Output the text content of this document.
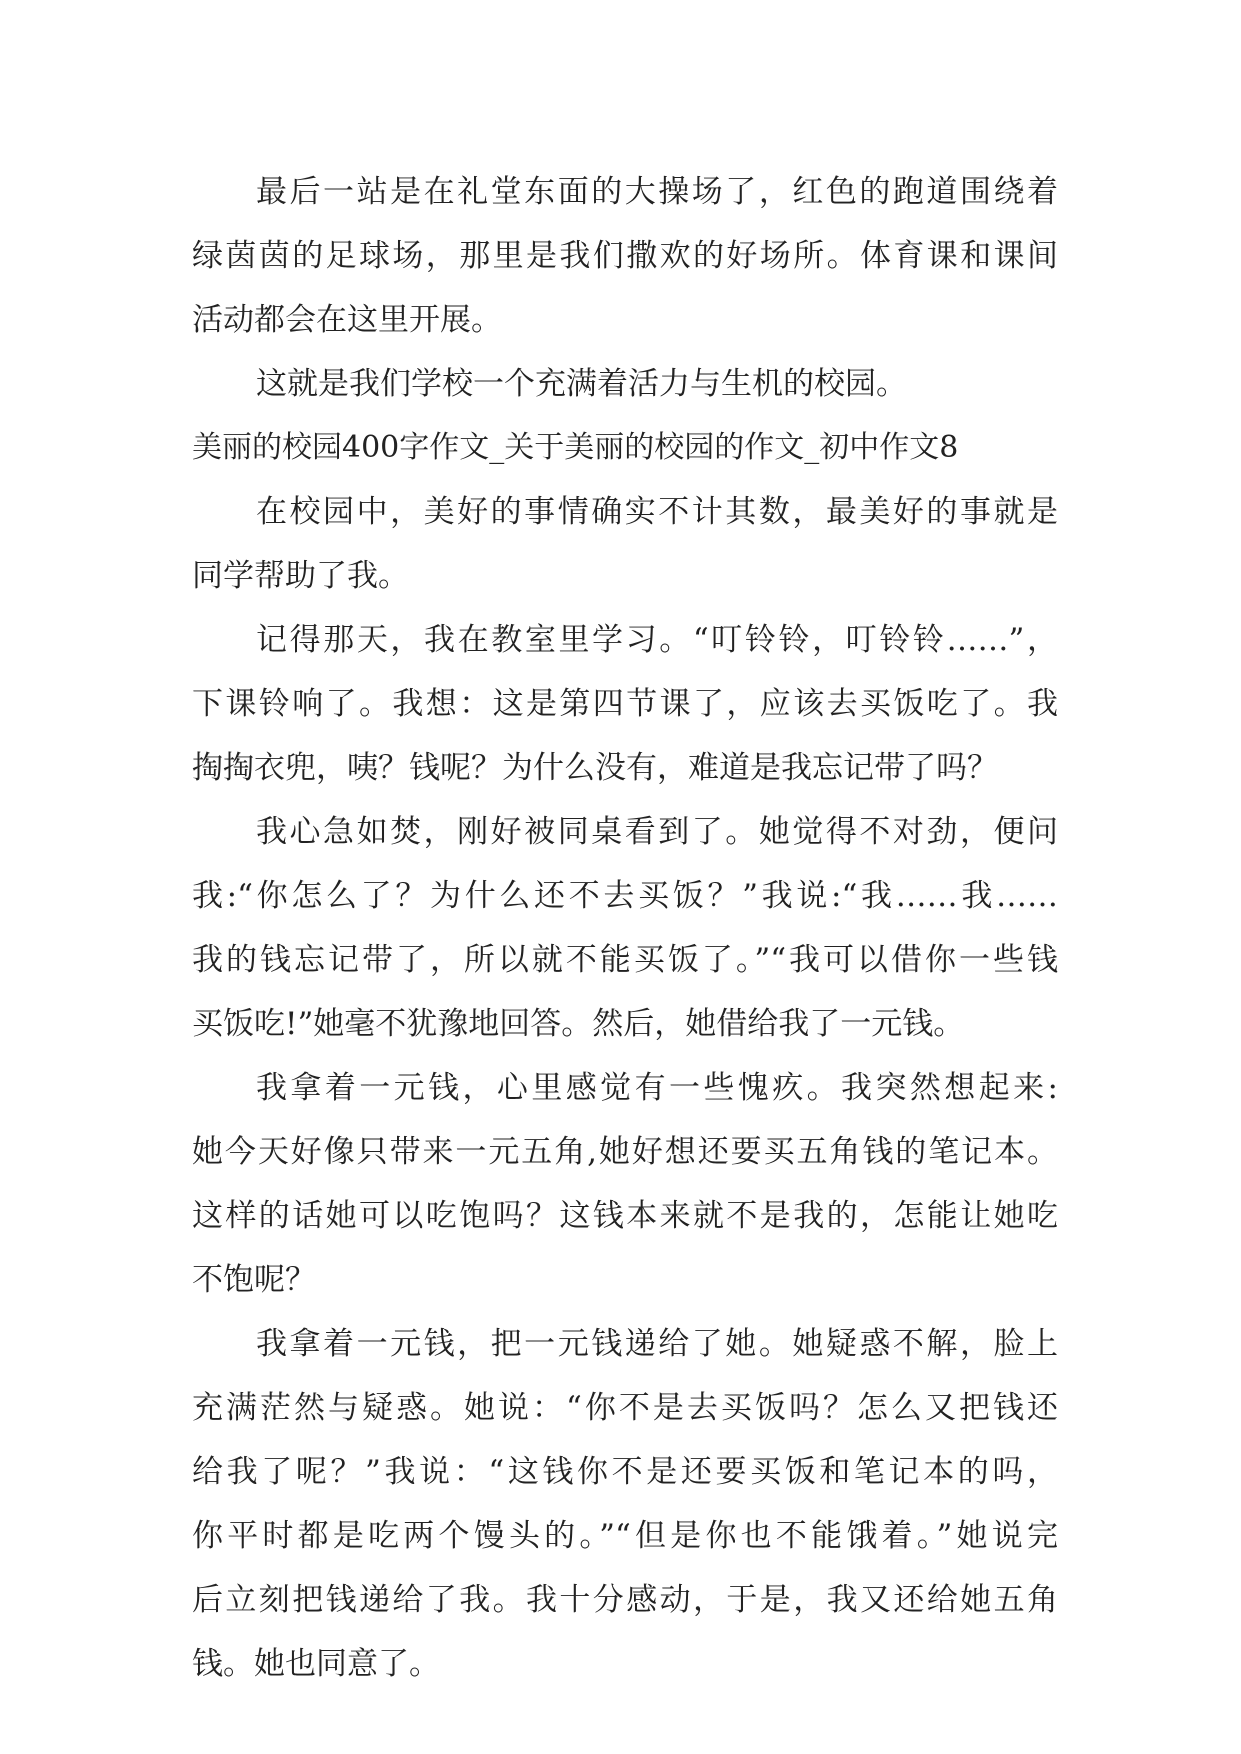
最后一站是在礼堂东面的大操场了，红色的跑道围绕着
绿茵茵的足球场，那里是我们撒欢的好场所。体育课和课间
活动都会在这里开展。
这就是我们学校一个充满着活力与生机的校园。
美丽的校园400字作文_关于美丽的校园的作文_初中作文8
在校园中，美好的事情确实不计其数，最美好的事就是
同学帮助了我。
记得那天，我在教室里学习。“叮铃铃，叮铃铃……”，
下课铃响了。我想：这是第四节课了，应该去买饭吃了。我
掏掏衣兜，咦？钱呢？为什么没有，难道是我忘记带了吗？
我心急如焚，刚好被同桌看到了。她觉得不对劲，便问
我:“你怎么了？为什么还不去买饭？”我说:“我……我……
我的钱忘记带了，所以就不能买饭了。”“我可以借你一些钱
买饭吃!”她毫不犹豫地回答。然后，她借给我了一元钱。
我拿着一元钱，心里感觉有一些愧疚。我突然想起来:
她今天好像只带来一元五角,她好想还要买五角钱的笔记本。
这样的话她可以吃饱吗？这钱本来就不是我的，怎能让她吃
不饱呢？
我拿着一元钱，把一元钱递给了她。她疑惑不解，脸上
充满茫然与疑惑。她说：“你不是去买饭吗？怎么又把钱还
给我了呢？”我说：“这钱你不是还要买饭和笔记本的吗，
你平时都是吃两个馒头的。”“但是你也不能饿着。”她说完
后立刻把钱递给了我。我十分感动，于是，我又还给她五角
钱。她也同意了。
